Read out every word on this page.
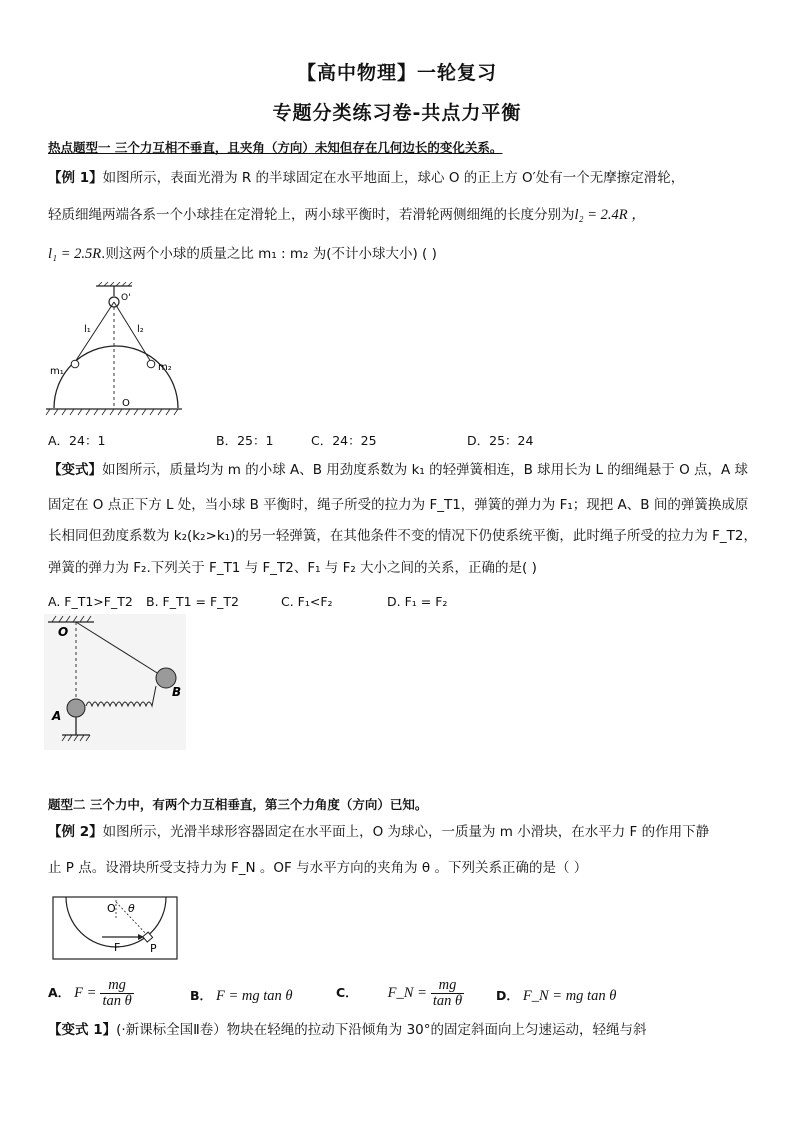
【高中物理】一轮复习
专题分类练习卷-共点力平衡
热点题型一 三个力互相不垂直，且夹角（方向）未知但存在几何边长的变化关系。
【例 1】如图所示，表面光滑为 R 的半球固定在水平地面上，球心 O 的正上方 O′处有一个无摩擦定滑轮，
轻质细绳两端各系一个小球挂在定滑轮上，两小球平衡时，若滑轮两侧细绳的长度分别为l₂ = 2.4R ，
l₁ = 2.5R.则这两个小球的质量之比 m₁ : m₂ 为(不计小球大小) ( )
O'
l₁	l₂
m₁	m₂
O
A．24：1	B．25：1	C．24：25	D．25：24
【变式】如图所示，质量均为 m 的小球 A、B 用劲度系数为 k₁ 的轻弹簧相连，B 球用长为 L 的细绳悬于 O 点，A 球
固定在 O 点正下方 L 处，当小球 B 平衡时，绳子所受的拉力为 F_T1，弹簧的弹力为 F₁；现把 A、B 间的弹簧换成原
长相同但劲度系数为 k₂(k₂>k₁)的另一轻弹簧，在其他条件不变的情况下仍使系统平衡，此时绳子所受的拉力为 F_T2，
弹簧的弹力为 F₂.下列关于 F_T1 与 F_T2、F₁ 与 F₂ 大小之间的关系，正确的是( )
A. F_T1>F_T2 B. F_T1 = F_T2	C. F₁<F₂	D. F₁ = F₂
O
A
B
题型二 三个力中，有两个力互相垂直，第三个力角度（方向）已知。
【例 2】如图所示，光滑半球形容器固定在水平面上，O 为球心，一质量为 m 小滑块，在水平力 F 的作用下静
止 P 点。设滑块所受支持力为 F_N 。OF 与水平方向的夹角为 θ 。下列关系正确的是（ ）
O θ
F	P
A． $F = \frac{mg}{\text{tan θ}}$	B． F = mg tan θ	C． F_N = $\frac{mg}{\text{tan θ}}$	D． F_N = mg tan θ
【变式 1】(·新课标全国Ⅱ卷）物块在轻绳的拉动下沿倾角为 30°的固定斜面向上匀速运动，轻绳与斜
